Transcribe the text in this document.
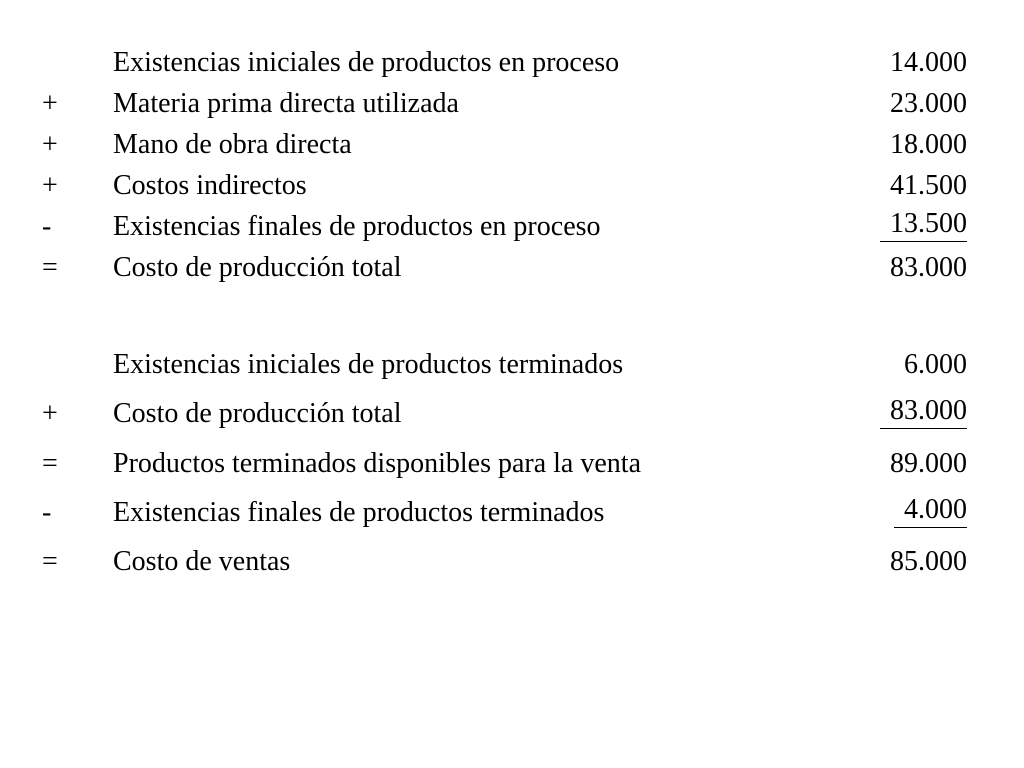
Existencias iniciales de productos en proceso	14.000
+	Materia prima directa utilizada	23.000
+	Mano de obra directa	18.000
+	Costos indirectos	41.500
-	Existencias finales de productos en proceso	13.500
=	Costo de producción total	83.000
Existencias iniciales de productos terminados	6.000
+	Costo de producción total	83.000
=	Productos terminados disponibles para la venta	89.000
-	Existencias finales de productos terminados	4.000
=	Costo de ventas	85.000
